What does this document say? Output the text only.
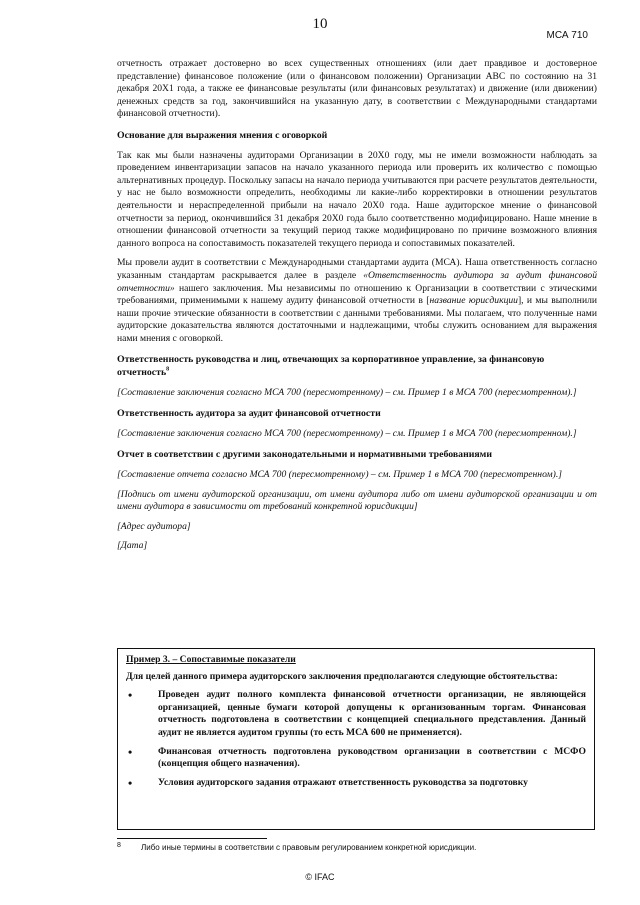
10
МСА 710

отчетность отражает достоверно во всех существенных отношениях (или дает правдивое и достоверное представление) финансовое положение (или о финансовом положении) Организации АВС по состоянию на 31 декабря 20X1 года, а также ее финансовые результаты (или финансовых результатах) и движение (или движении) денежных средств за год, закончившийся на указанную дату, в соответствии с Международными стандартами финансовой отчетности).

Основание для выражения мнения с оговоркой

Так как мы были назначены аудиторами Организации в 20X0 году, мы не имели возможности наблюдать за проведением инвентаризации запасов на начало указанного периода или проверить их количество с помощью альтернативных процедур. Поскольку запасы на начало периода учитываются при расчете результатов деятельности, у нас не было возможности определить, необходимы ли какие-либо корректировки в отношении результатов деятельности и нераспределенной прибыли на начало 20X0 года. Наше аудиторское мнение о финансовой отчетности за период, окончившийся 31 декабря 20X0 года было соответственно модифицировано. Наше мнение в отношении финансовой отчетности за текущий период также модифицировано по причине возможного влияния данного вопроса на сопоставимость показателей текущего периода и сопоставимых показателей.

Мы провели аудит в соответствии с Международными стандартами аудита (МСА). Наша ответственность согласно указанным стандартам раскрывается далее в разделе «Ответственность аудитора за аудит финансовой отчетности» нашего заключения. Мы независимы по отношению к Организации в соответствии с этическими требованиями, применимыми к нашему аудиту финансовой отчетности в [название юрисдикции], и мы выполнили наши прочие этические обязанности в соответствии с данными требованиями. Мы полагаем, что полученные нами аудиторские доказательства являются достаточными и надлежащими, чтобы служить основанием для выражения нами мнения с оговоркой.

Ответственность руководства и лиц, отвечающих за корпоративное управление, за финансовую отчетность$^8$

[Составление заключения согласно МСА 700 (пересмотренному) – см. Пример 1 в МСА 700 (пересмотренном).]

Ответственность аудитора за аудит финансовой отчетности

[Составление заключения согласно МСА 700 (пересмотренному) – см. Пример 1 в МСА 700 (пересмотренном).]

Отчет в соответствии с другими законодательными и нормативными требованиями

[Составление отчета согласно МСА 700 (пересмотренному) – см. Пример 1 в МСА 700 (пересмотренном).]

[Подпись от имени аудиторской организации, от имени аудитора либо от имени аудиторской организации и от имени аудитора в зависимости от требований конкретной юрисдикции]

[Адрес аудитора]

[Дата]

Пример 3. – Сопоставимые показатели

Для целей данного примера аудиторского заключения предполагаются следующие обстоятельства:

•	Проведен аудит полного комплекта финансовой отчетности организации, не являющейся организацией, ценные бумаги которой допущены к организованным торгам. Финансовая отчетность подготовлена в соответствии с концепцией специального представления. Данный аудит не является аудитом группы (то есть МСА 600 не применяется).
•	Финансовая отчетность подготовлена руководством организации в соответствии с МСФО (концепция общего назначения).
•	Условия аудиторского задания отражают ответственность руководства за подготовку
8	Либо иные термины в соответствии с правовым регулированием конкретной юрисдикции.
© IFAC
